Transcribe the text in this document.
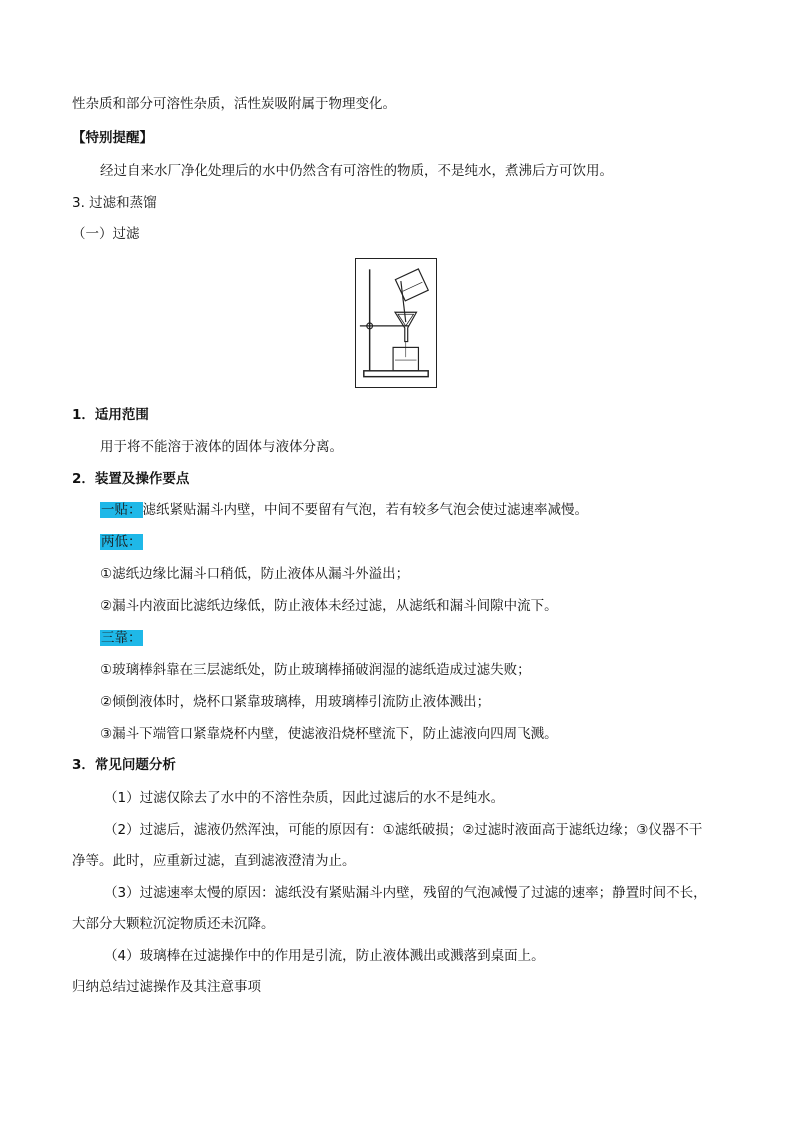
性杂质和部分可溶性杂质，活性炭吸附属于物理变化。
【特别提醒】
经过自来水厂净化处理后的水中仍然含有可溶性的物质，不是纯水，煮沸后方可饮用。
3. 过滤和蒸馏
（一）过滤
1．适用范围
用于将不能溶于液体的固体与液体分离。
2．装置及操作要点
一贴：滤纸紧贴漏斗内壁，中间不要留有气泡，若有较多气泡会使过滤速率减慢。
两低：
①滤纸边缘比漏斗口稍低，防止液体从漏斗外溢出；
②漏斗内液面比滤纸边缘低，防止液体未经过滤，从滤纸和漏斗间隙中流下。
三靠：
①玻璃棒斜靠在三层滤纸处，防止玻璃棒捅破润湿的滤纸造成过滤失败；
②倾倒液体时，烧杯口紧靠玻璃棒，用玻璃棒引流防止液体溅出；
③漏斗下端管口紧靠烧杯内壁，使滤液沿烧杯壁流下，防止滤液向四周飞溅。
3．常见问题分析
（1）过滤仅除去了水中的不溶性杂质，因此过滤后的水不是纯水。
（2）过滤后，滤液仍然浑浊，可能的原因有：①滤纸破损；②过滤时液面高于滤纸边缘；③仪器不干
净等。此时，应重新过滤，直到滤液澄清为止。
（3）过滤速率太慢的原因：滤纸没有紧贴漏斗内壁，残留的气泡减慢了过滤的速率；静置时间不长，
大部分大颗粒沉淀物质还未沉降。
（4）玻璃棒在过滤操作中的作用是引流，防止液体溅出或溅落到桌面上。
归纳总结过滤操作及其注意事项
